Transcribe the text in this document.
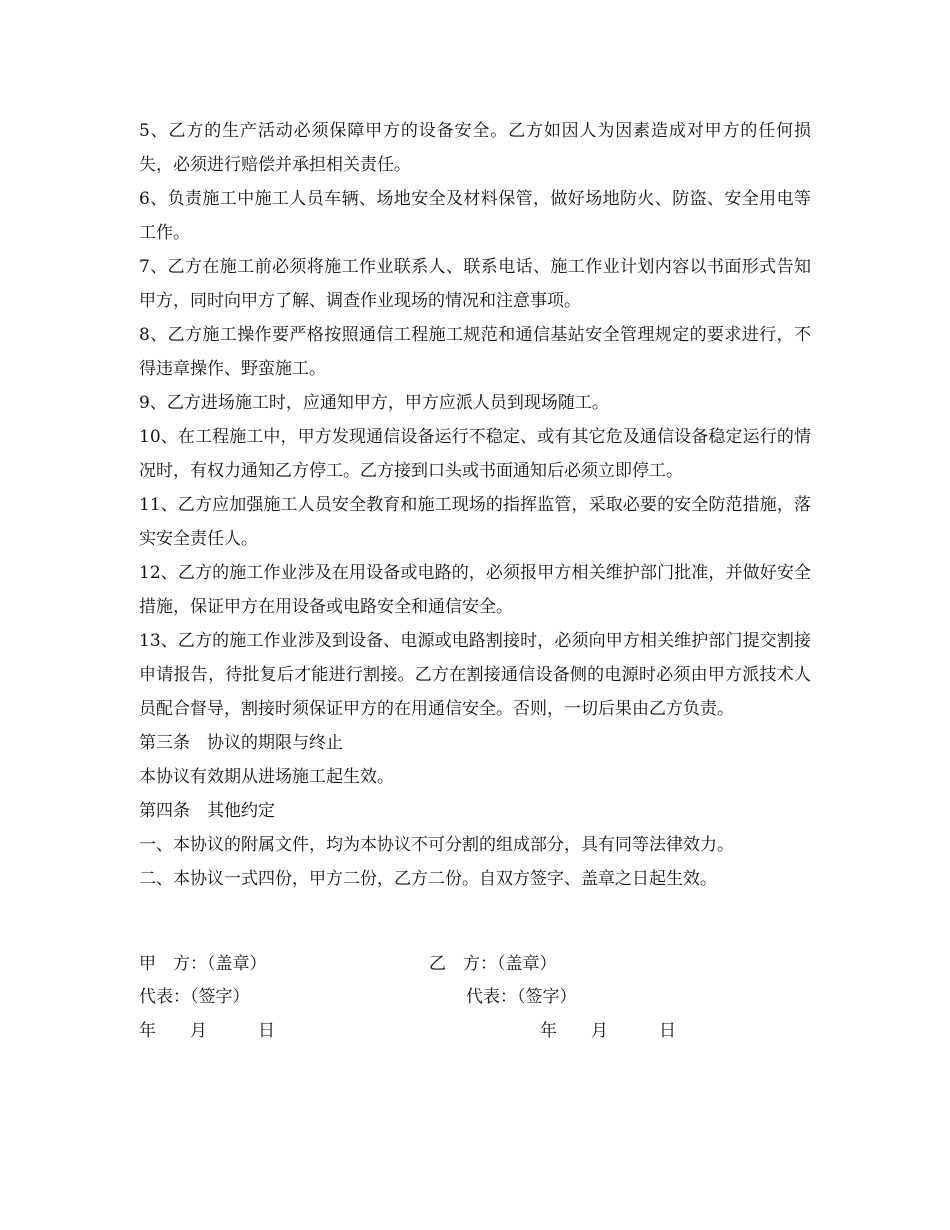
5、乙方的生产活动必须保障甲方的设备安全。乙方如因人为因素造成对甲方的任何损失，必须进行赔偿并承担相关责任。

6、负责施工中施工人员车辆、场地安全及材料保管，做好场地防火、防盗、安全用电等工作。

7、乙方在施工前必须将施工作业联系人、联系电话、施工作业计划内容以书面形式告知甲方，同时向甲方了解、调查作业现场的情况和注意事项。

8、乙方施工操作要严格按照通信工程施工规范和通信基站安全管理规定的要求进行，不得违章操作、野蛮施工。

9、乙方进场施工时，应通知甲方，甲方应派人员到现场随工。

10、在工程施工中，甲方发现通信设备运行不稳定、或有其它危及通信设备稳定运行的情况时，有权力通知乙方停工。乙方接到口头或书面通知后必须立即停工。

11、乙方应加强施工人员安全教育和施工现场的指挥监管，采取必要的安全防范措施，落实安全责任人。

12、乙方的施工作业涉及在用设备或电路的，必须报甲方相关维护部门批准，并做好安全措施，保证甲方在用设备或电路安全和通信安全。

13、乙方的施工作业涉及到设备、电源或电路割接时，必须向甲方相关维护部门提交割接申请报告，待批复后才能进行割接。乙方在割接通信设备侧的电源时必须由甲方派技术人员配合督导，割接时须保证甲方的在用通信安全。否则，一切后果由乙方负责。

第三条　协议的期限与终止

本协议有效期从进场施工起生效。

第四条　其他约定

一、本协议的附属文件，均为本协议不可分割的组成部分，具有同等法律效力。

二、本协议一式四份，甲方二份，乙方二份。自双方签字、盖章之日起生效。

甲　方：（盖章）	乙　方：（盖章）
代表：（签字）	代表：（签字）
年　　月　　　日	年　　月　　　日
